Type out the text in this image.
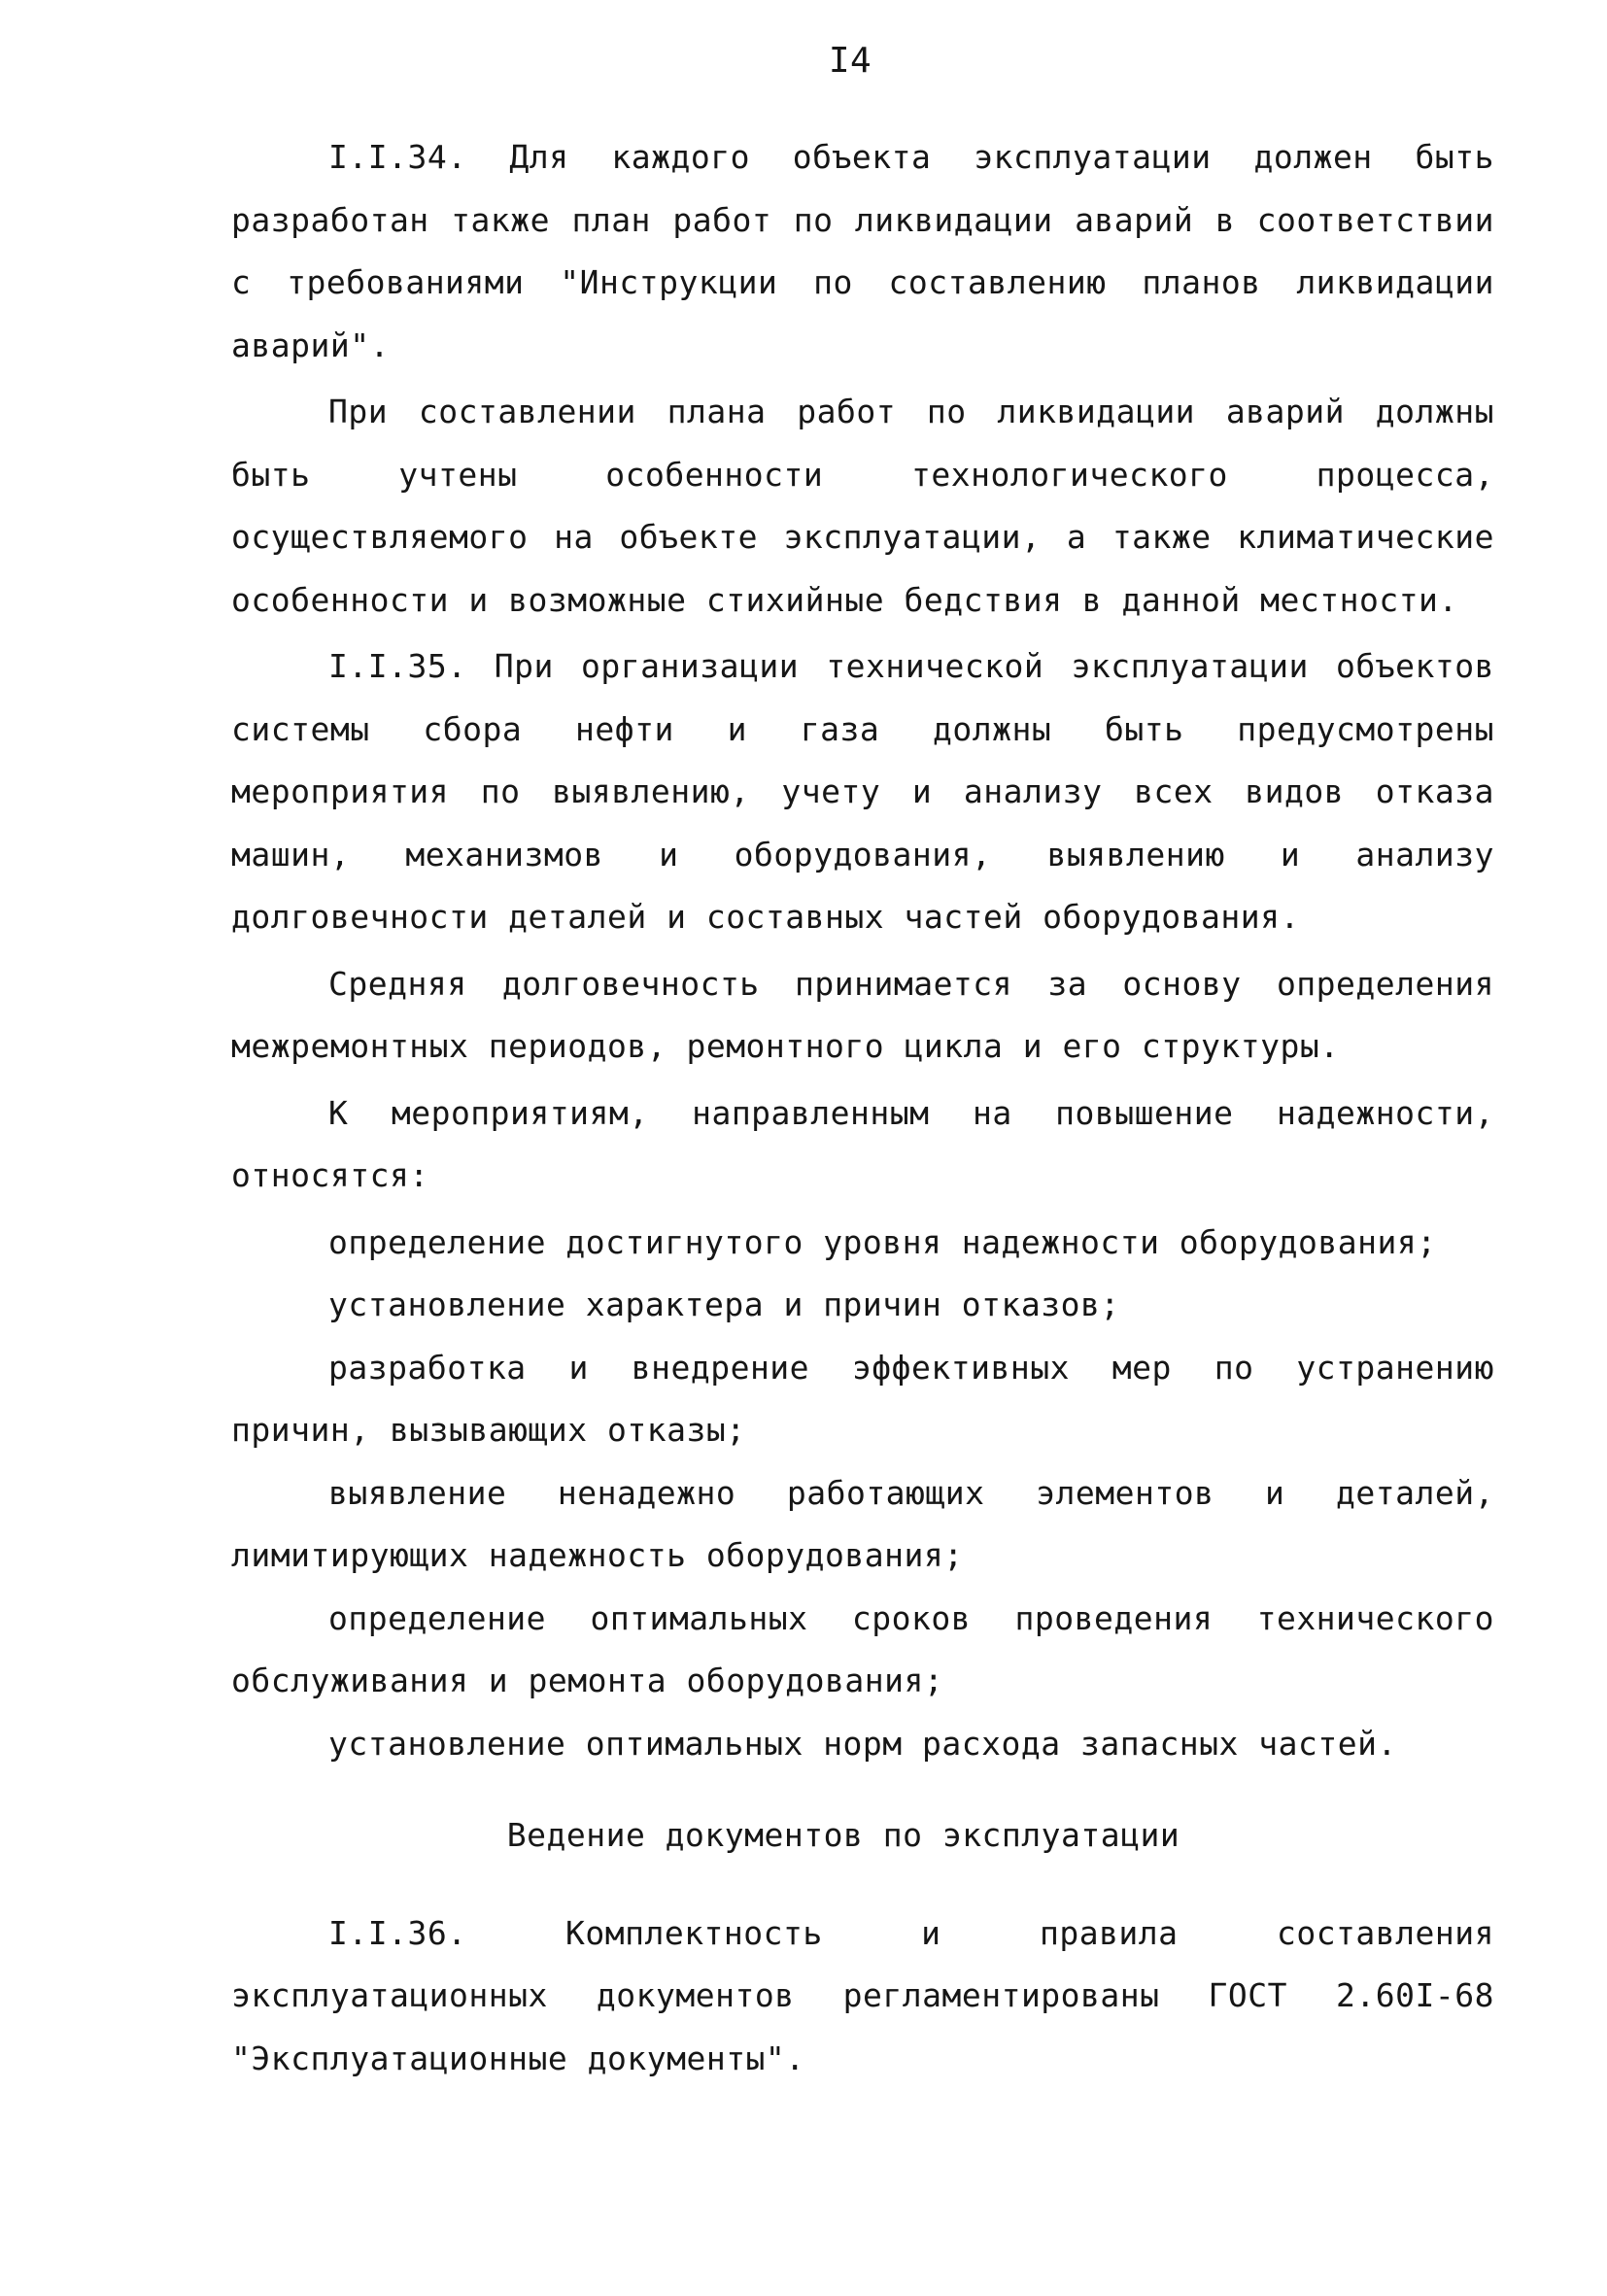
I4

I.I.34. Для каждого объекта эксплуатации должен быть разработан также план работ по ликвидации аварий в соответствии с требованиями "Инструкции по составлению планов ликвидации аварий".

При составлении плана работ по ликвидации аварий должны быть учтены особенности технологического процесса, осуществляемого на объекте эксплуатации, а также климатические особенности и возможные стихийные бедствия в данной местности.

I.I.35. При организации технической эксплуатации объектов системы сбора нефти и газа должны быть предусмотрены мероприятия по выявлению, учету и анализу всех видов отказа машин, механизмов и оборудования, выявлению и анализу долговечности деталей и составных частей оборудования.

Средняя долговечность принимается за основу определения межремонтных периодов, ремонтного цикла и его структуры.

К мероприятиям, направленным на повышение надежности, относятся:

определение достигнутого уровня надежности оборудования;

установление характера и причин отказов;

разработка и внедрение эффективных мер по устранению причин, вызывающих отказы;

выявление ненадежно работающих элементов и деталей, лимитирующих надежность оборудования;

определение оптимальных сроков проведения технического обслуживания и ремонта оборудования;

установление оптимальных норм расхода запасных частей.

Ведение документов по эксплуатации

I.I.36. Комплектность и правила составления эксплуатационных документов регламентированы ГОСТ 2.60I-68 "Эксплуатационные документы".
